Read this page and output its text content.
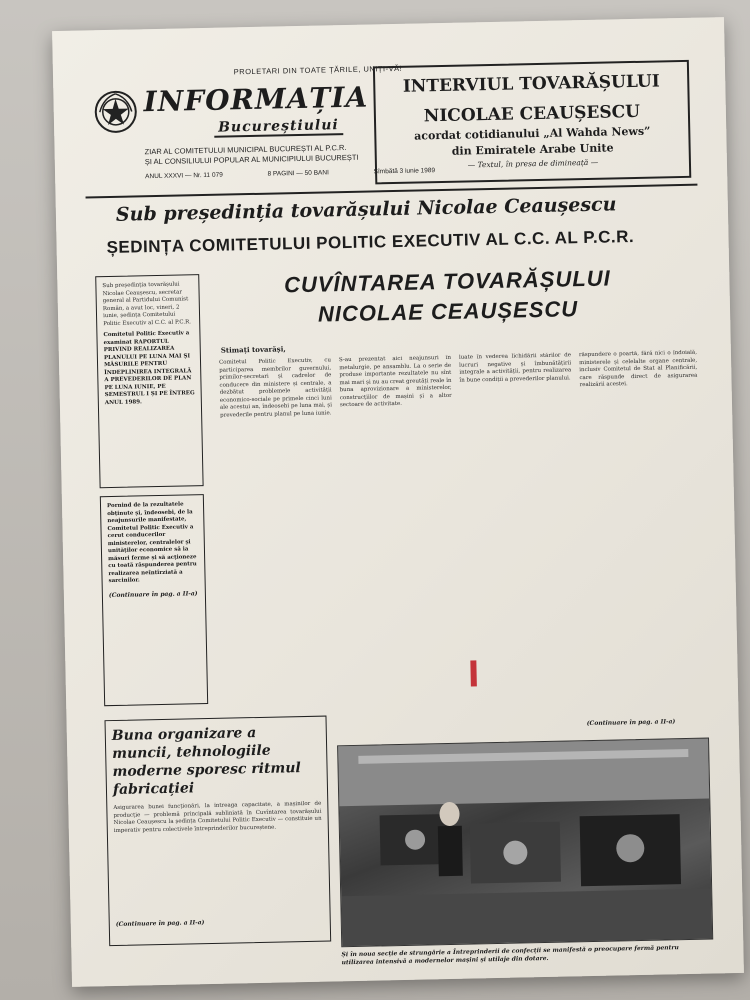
PROLETARI DIN TOATE ȚĂRILE, UNIȚI-VĂ!
INFORMAȚIA
Bucureștiului
ZIAR AL COMITETULUI MUNICIPAL BUCUREȘTI AL P.C.R.
ȘI AL CONSILIULUI POPULAR AL MUNICIPIULUI BUCUREȘTI
ANUL XXXVI — Nr. 11 079	8 PAGINI — 50 BANI	Sîmbătă 3 iunie 1989
INTERVIUL TOVARĂȘULUI
NICOLAE CEAUȘESCU
acordat cotidianului „Al Wahda News”
din Emiratele Arabe Unite
— Textul, în presa de dimineață —
Sub președinția tovarășului Nicolae Ceaușescu
ȘEDINȚA COMITETULUI POLITIC EXECUTIV AL C.C. AL P.C.R.
CUVÎNTAREA TOVARĂȘULUI
NICOLAE CEAUȘESCU
Sub președinția tovarășului Nicolae Ceaușescu, secretar general al Partidului Comunist Român, a avut loc, vineri, 2 iunie, ședința Comitetului Politic Executiv al C.C. al P.C.R.
Comitetul Politic Executiv a examinat RAPORTUL PRIVIND REALIZAREA PLANULUI PE LUNA MAI ȘI MĂSURILE PENTRU ÎNDEPLINIREA INTEGRALĂ A PREVEDERILOR DE PLAN PE LUNA IUNIE, PE SEMESTRUL I ȘI PE ÎNTREG ANUL 1989.
Pornind de la rezultatele obținute și, îndeosebi, de la neajunsurile manifestate, Comitetul Politic Executiv a cerut conducerilor ministerelor, centralelor și unităților economice să ia măsuri ferme și să acționeze cu toată răspunderea pentru realizarea neîntîrziată a sarcinilor.
(Continuare în pag. a II-a)
Stimați tovarăși,
Comitetul Politic Executiv, cu participarea membrilor guvernului, primilor-secretari și cadrelor de conducere din ministere și centrale, a dezbătut problemele activității economico-sociale pe primele cinci luni ale acestui an, îndeosebi pe luna mai, și prevederile pentru planul pe luna iunie.
S-au prezentat aici neajunsuri în metalurgie, pe ansamblu. La o serie de produse importante rezultatele nu sînt mai mari și nu au creat greutăți reale în buna aprovizionare a ministerelor, construcțiilor de mașini și a altor sectoare de activitate.
luate în vederea lichidării stărilor de lucruri negative și îmbunătățirii integrale a activității, pentru realizarea în bune condiții a prevederilor planului.
răspundere o poartă, fără nici o îndoială, ministerele și celelalte organe centrale, inclusiv Comitetul de Stat al Planificării, care răspunde direct de asigurarea realizării acestei.
(Continuare în pag. a II-a)
Buna organizare a muncii, tehnologiile moderne sporesc ritmul fabricației
Asigurarea bunei funcționări, la întreaga capacitate, a mașinilor de producție — problemă principală subliniată în Cuvîntarea tovarășului Nicolae Ceaușescu la ședința Comitetului Politic Executiv — constituie un imperativ pentru colectivele întreprinderilor bucureștene.
(Continuare în pag. a II-a)
Și în noua secție de strungărie a Întreprinderii de confecții se manifestă o preocupare fermă pentru utilizarea intensivă a modernelor mașini și utilaje din dotare.
